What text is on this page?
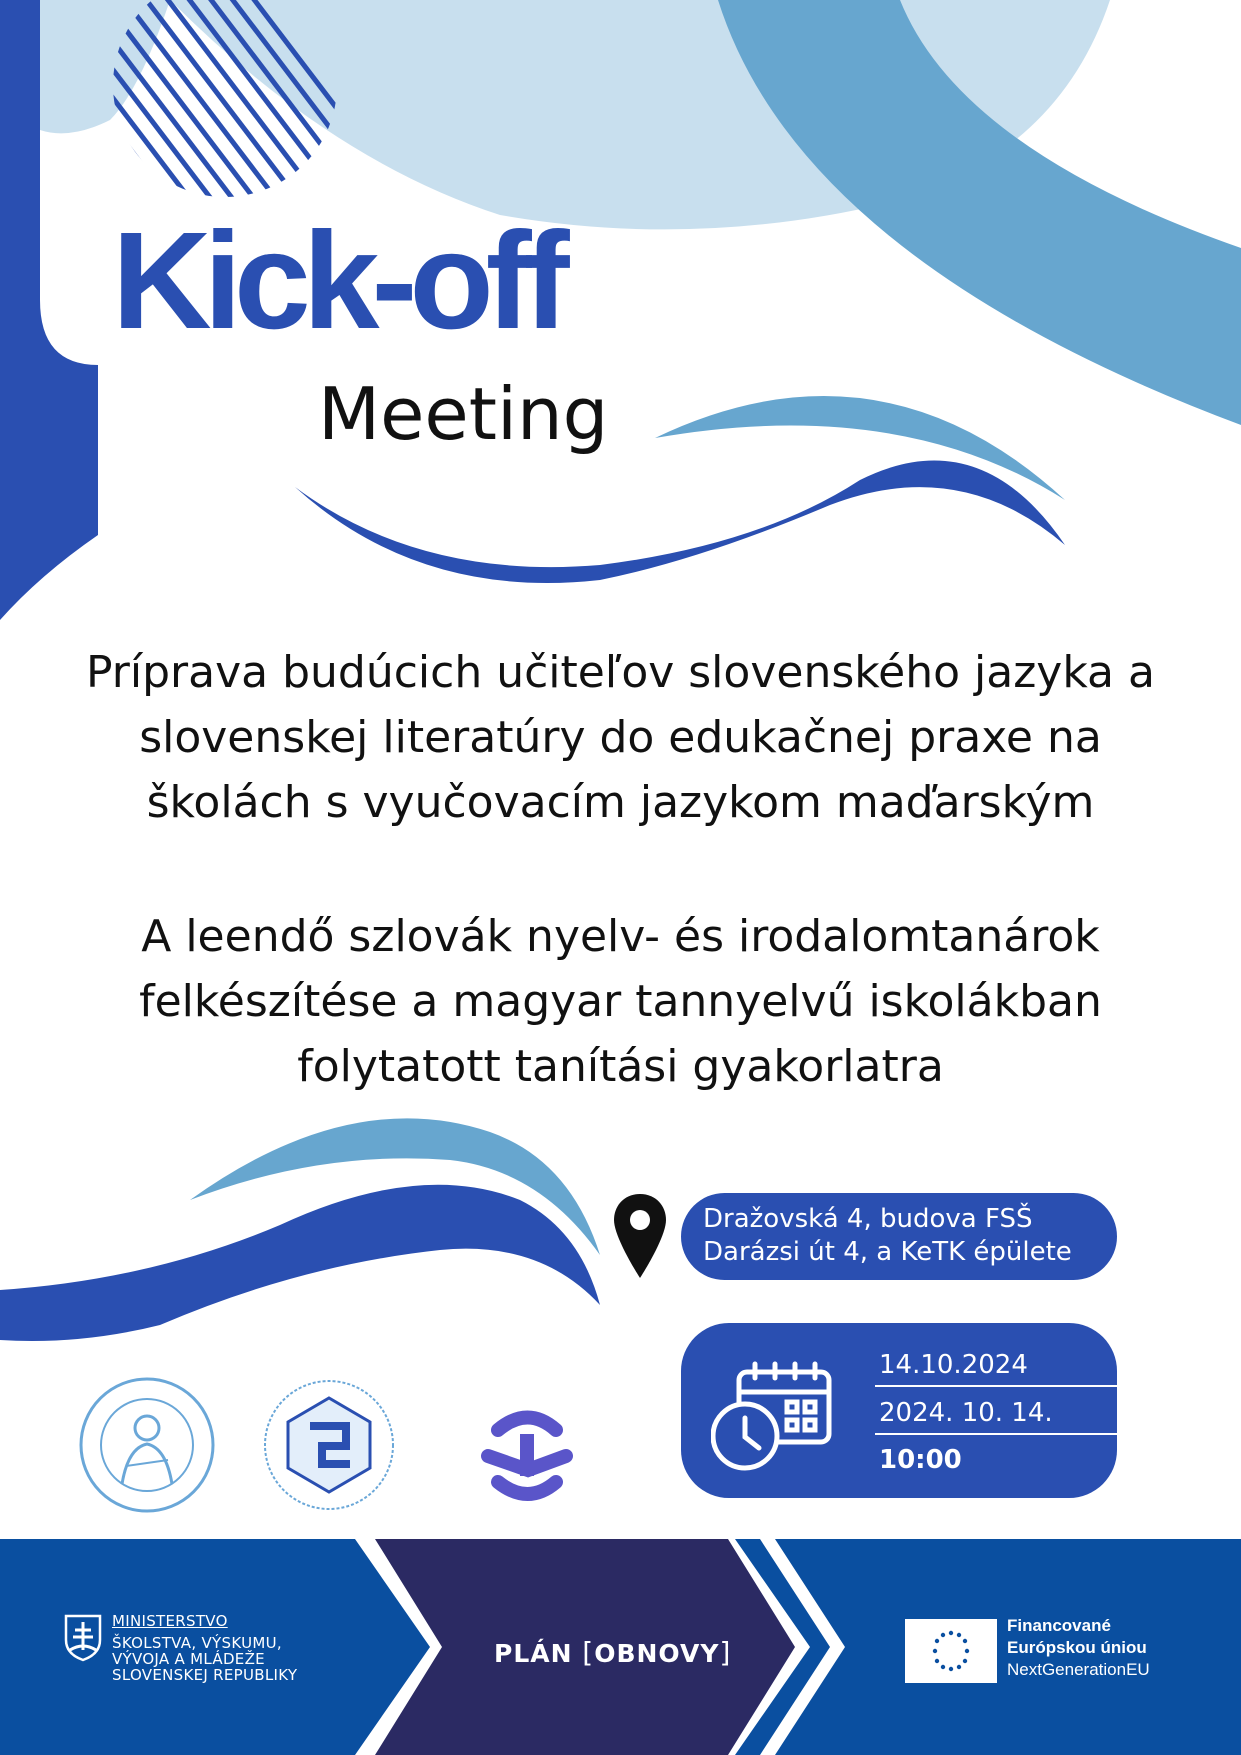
Kick-off
Meeting

Príprava budúcich učiteľov slovenského jazyka a
slovenskej literatúry do edukačnej praxe na
školách s vyučovacím jazykom maďarským

A leendő szlovák nyelv- és irodalomtanárok
felkészítése a magyar tannyelvű iskolákban
folytatott tanítási gyakorlatra

Dražovská 4, budova FSŠ
Darázsi út 4, a KeTK épülete
14.10.2024
2024. 10. 14.
10:00
MINISTERSTVO
ŠKOLSTVA, VÝSKUMU,
VÝVOJA A MLÁDEŽE
SLOVENSKEJ REPUBLIKY
PLÁN [OBNOVY]
Financované
Európskou úniou
NextGenerationEU
